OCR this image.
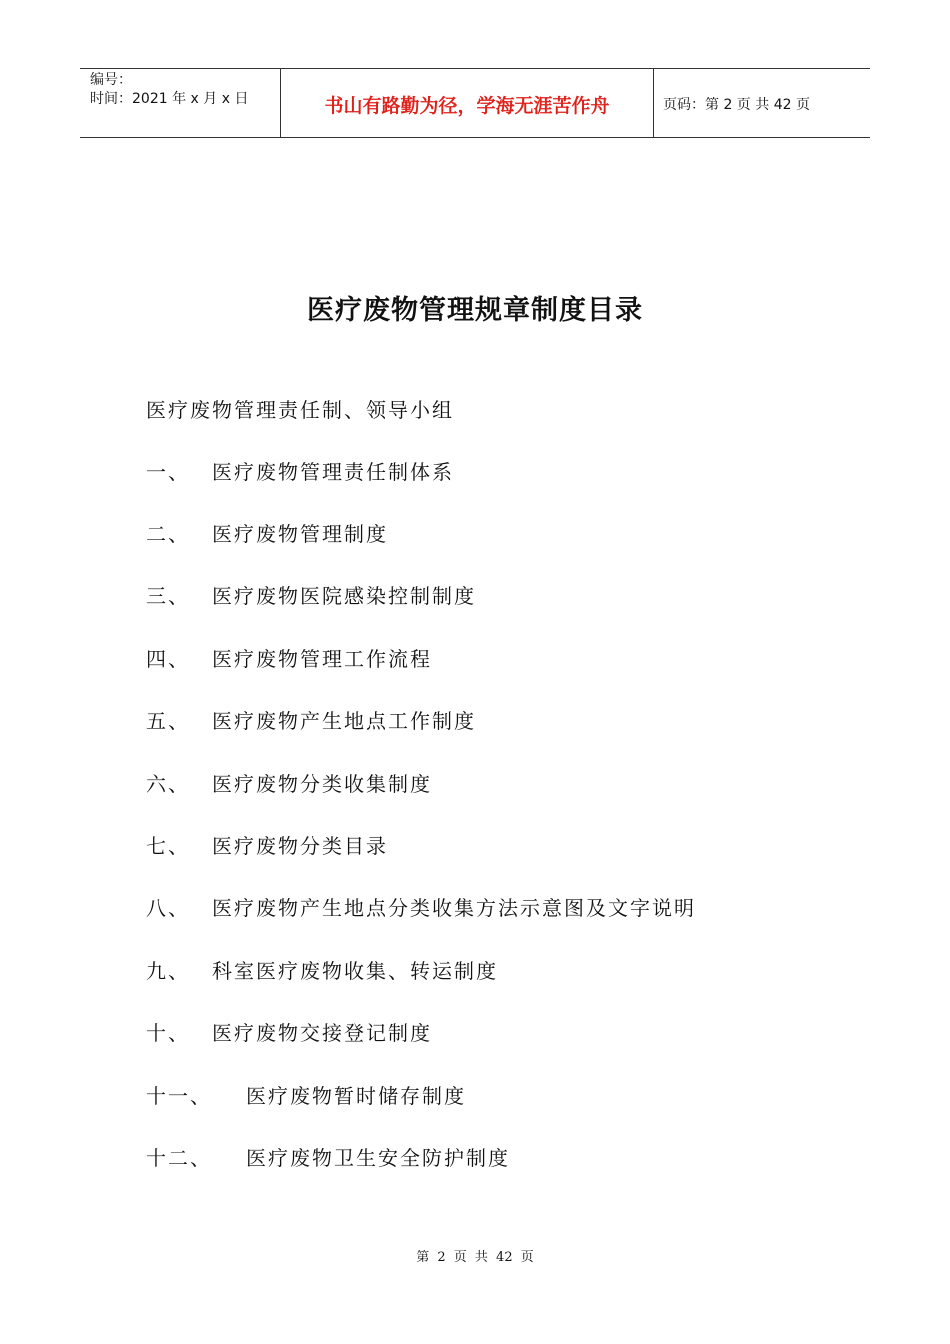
编号：
时间：2021 年 x 月 x 日	书山有路勤为径，学海无涯苦作舟	页码：第 2 页 共 42 页
医疗废物管理规章制度目录
医疗废物管理责任制、领导小组
一、 医疗废物管理责任制体系
二、 医疗废物管理制度
三、 医疗废物医院感染控制制度
四、 医疗废物管理工作流程
五、 医疗废物产生地点工作制度
六、 医疗废物分类收集制度
七、 医疗废物分类目录
八、 医疗废物产生地点分类收集方法示意图及文字说明
九、 科室医疗废物收集、转运制度
十、 医疗废物交接登记制度
十一、 医疗废物暂时储存制度
十二、 医疗废物卫生安全防护制度
第 2 页 共 42 页
